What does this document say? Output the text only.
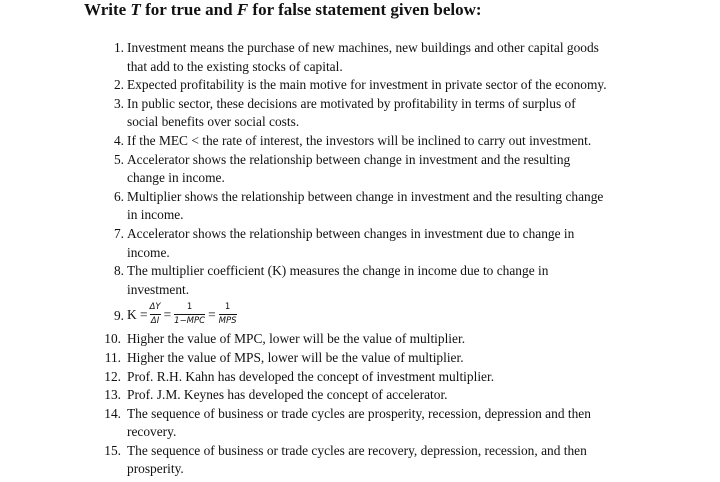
Write T for true and F for false statement given below:
1. Investment means the purchase of new machines, new buildings and other capital goods
that add to the existing stocks of capital.
2. Expected profitability is the main motive for investment in private sector of the economy.
3. In public sector, these decisions are motivated by profitability in terms of surplus of
social benefits over social costs.
4. If the MEC < the rate of interest, the investors will be inclined to carry out investment.
5. Accelerator shows the relationship between change in investment and the resulting
change in income.
6. Multiplier shows the relationship between change in investment and the resulting change
in income.
7. Accelerator shows the relationship between changes in investment due to change in
income.
8. The multiplier coefficient (K) measures the change in income due to change in
investment.
9. $K = \frac{\Delta Y}{\Delta I} = \frac{1}{\text{1−MPC}} = \frac{1}{\text{MPS}}$
10. Higher the value of MPC, lower will be the value of multiplier.
11. Higher the value of MPS, lower will be the value of multiplier.
12. Prof. R.H. Kahn has developed the concept of investment multiplier.
13. Prof. J.M. Keynes has developed the concept of accelerator.
14. The sequence of business or trade cycles are prosperity, recession, depression and then
recovery.
15. The sequence of business or trade cycles are recovery, depression, recession, and then
prosperity.
